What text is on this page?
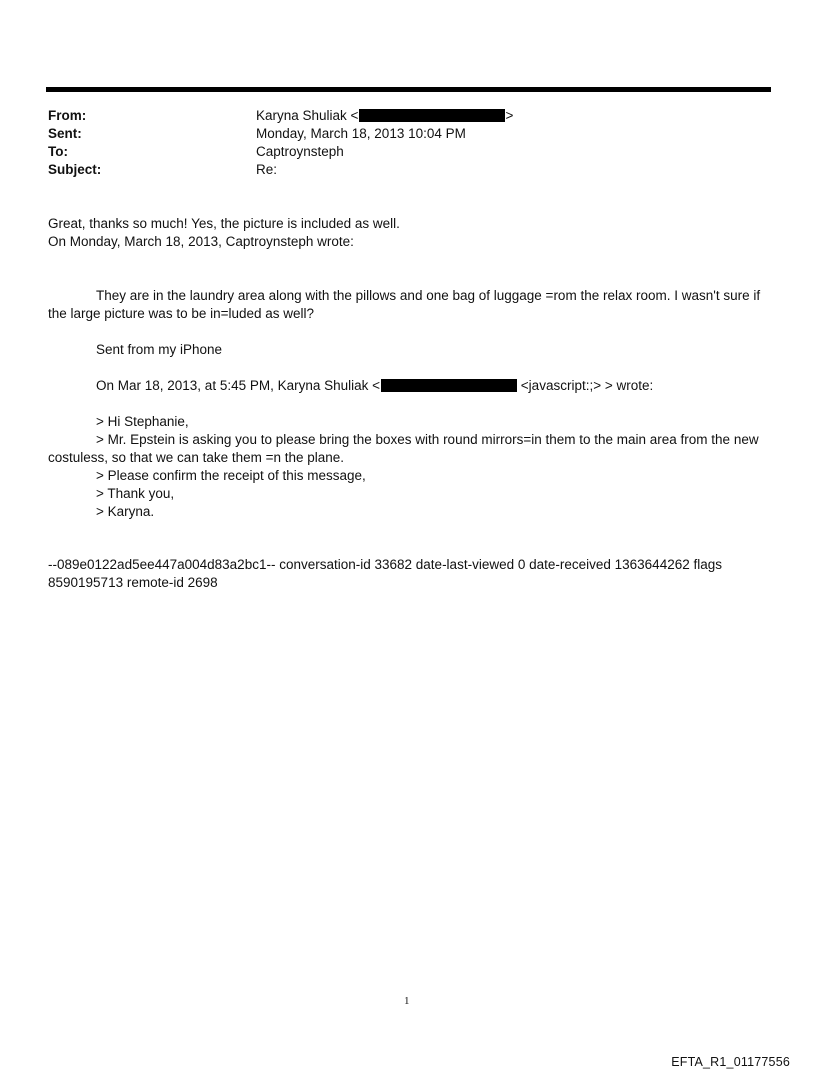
From:	Karyna Shuliak <	>
Sent:	Monday, March 18, 2013 10:04 PM
To:	Captroynsteph
Subject:	Re:
Great, thanks so much! Yes, the picture is included as well.
On Monday, March 18, 2013, Captroynsteph wrote:
They are in the laundry area along with the pillows and one bag of luggage =rom the relax room. I wasn't sure if the large picture was to be in=luded as well?
Sent from my iPhone
On Mar 18, 2013, at 5:45 PM, Karyna Shuliak <	<javascript:;> > wrote:
> Hi Stephanie,
> Mr. Epstein is asking you to please bring the boxes with round mirrors=in them to the main area from the new costuless, so that we can take them =n the plane.
> Please confirm the receipt of this message,
> Thank you,
> Karyna.
--089e0122ad5ee447a004d83a2bc1-- conversation-id 33682 date-last-viewed 0 date-received 1363644262 flags 8590195713 remote-id 2698
1
EFTA_R1_01177556
